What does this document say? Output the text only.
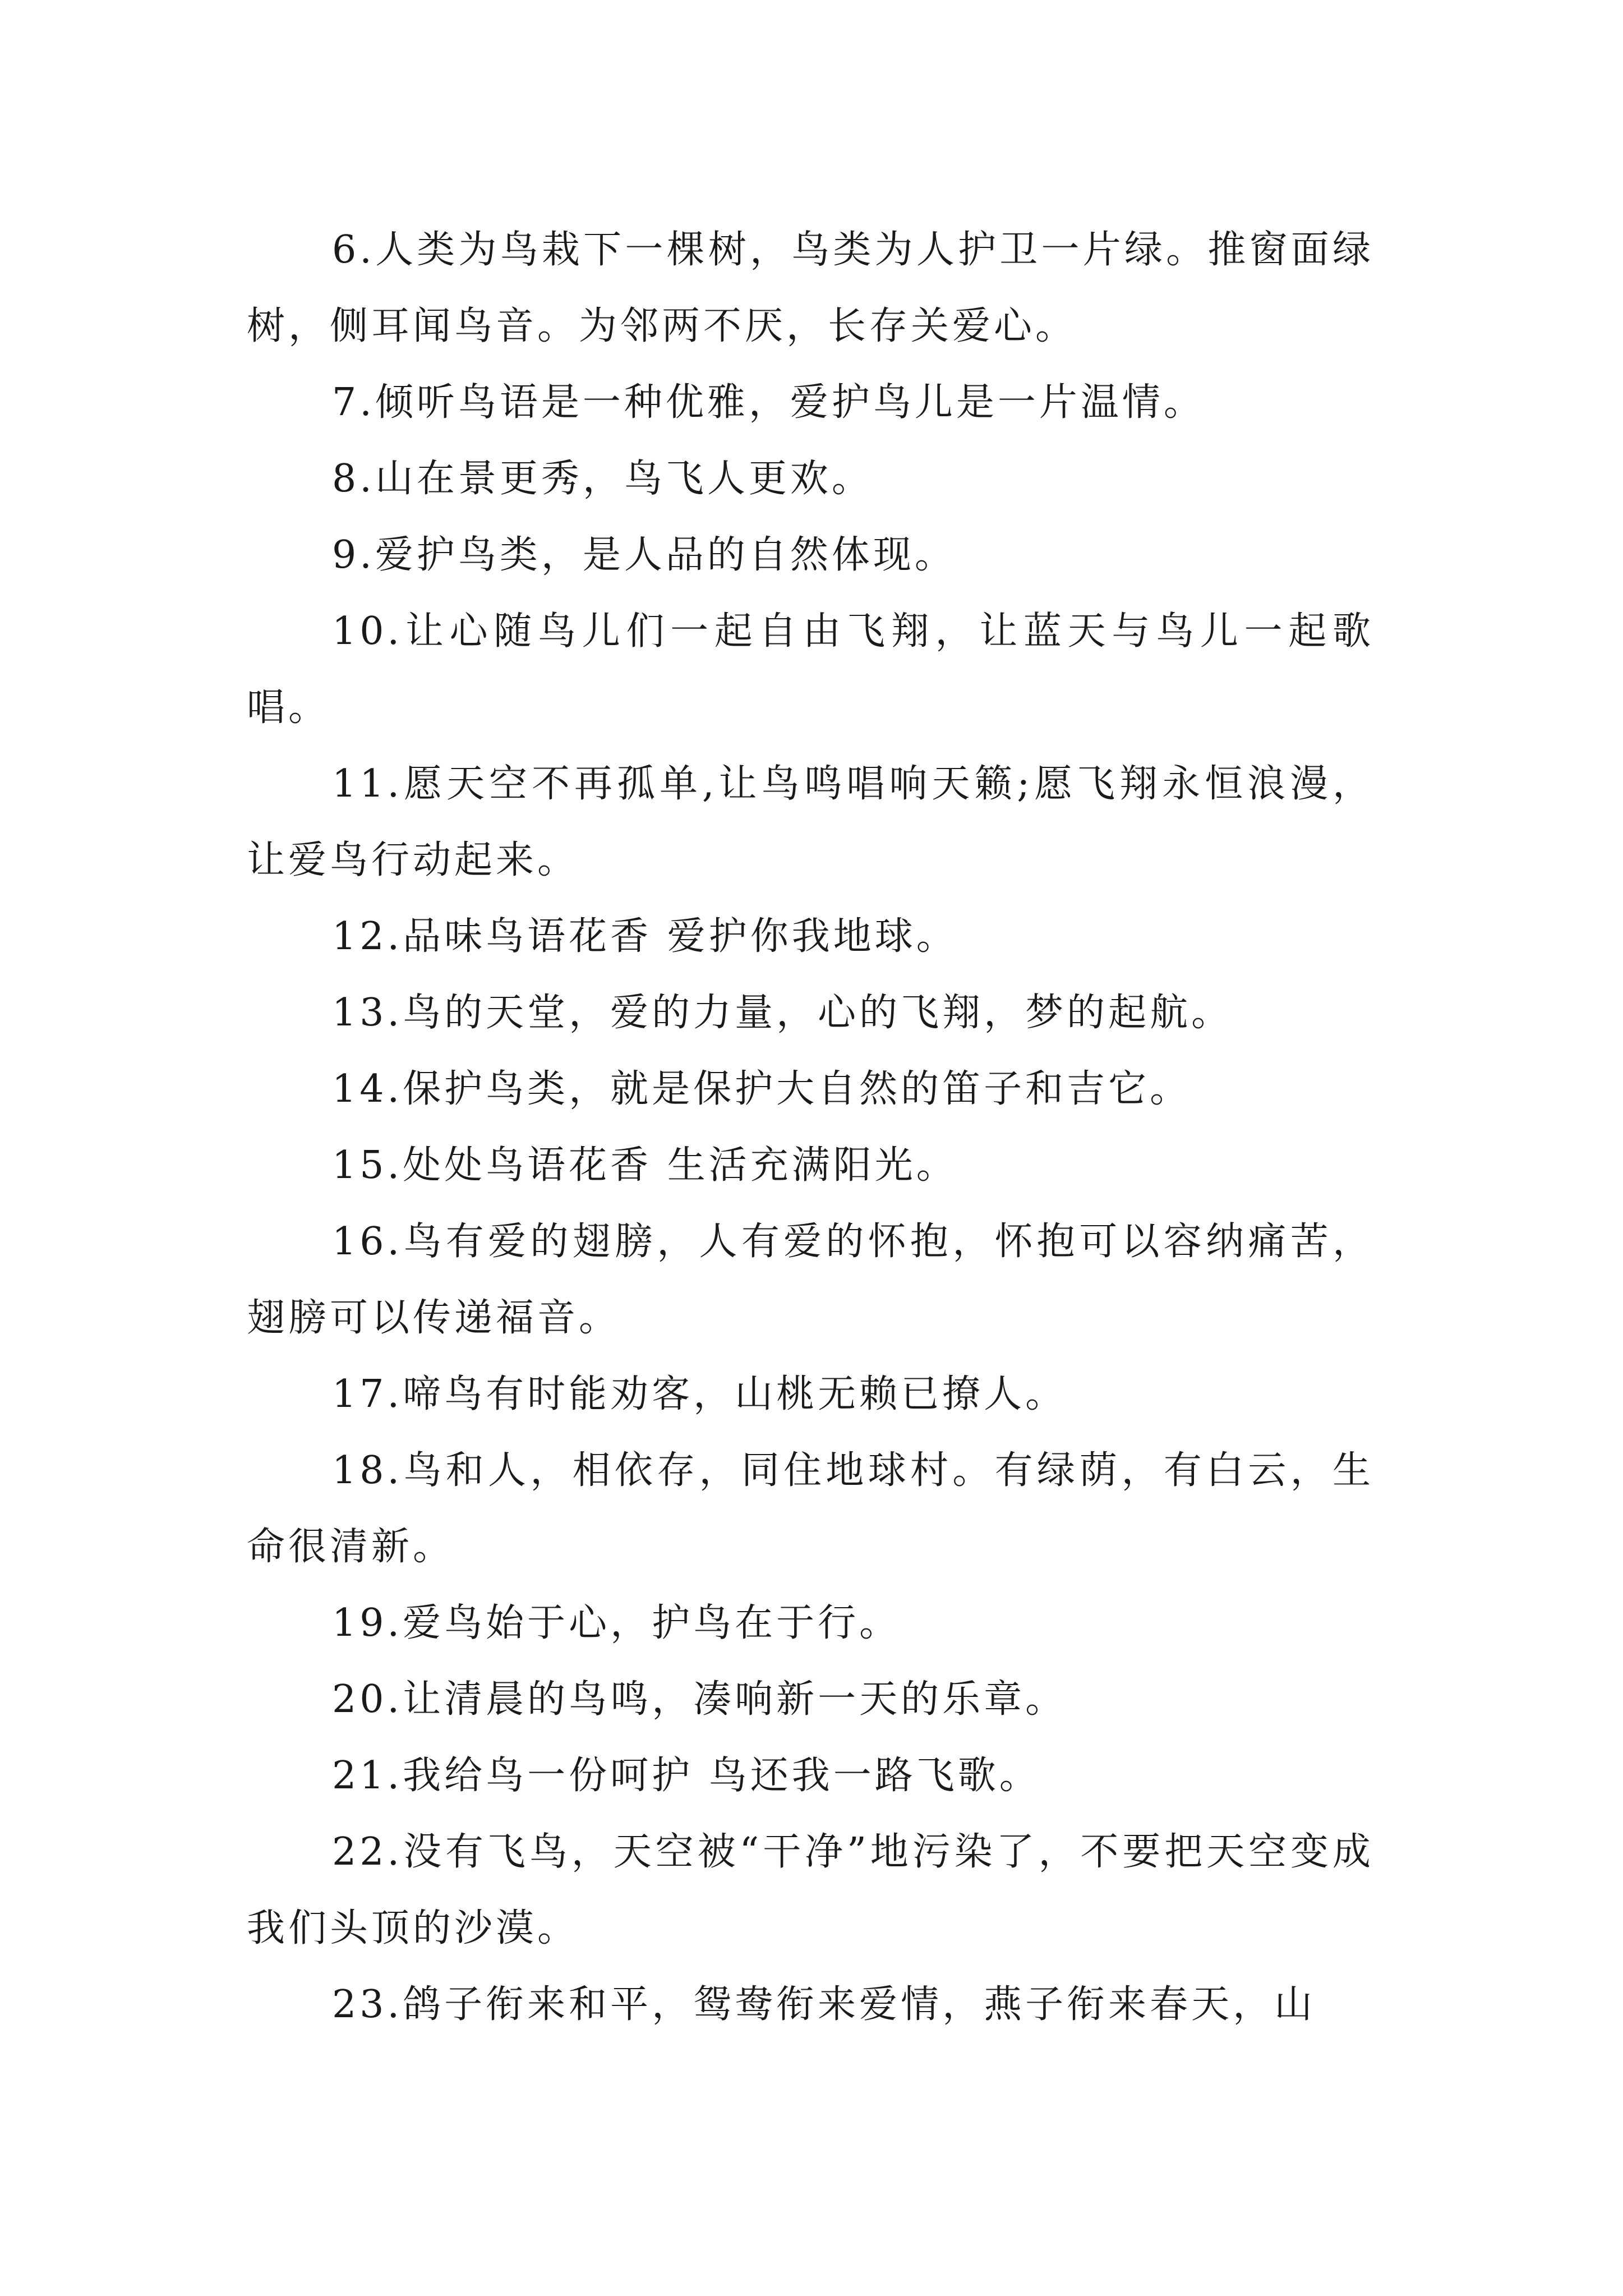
6.人类为鸟栽下一棵树，鸟类为人护卫一片绿。推窗面绿树，侧耳闻鸟音。为邻两不厌，长存关爱心。

7.倾听鸟语是一种优雅，爱护鸟儿是一片温情。

8.山在景更秀，鸟飞人更欢。

9.爱护鸟类，是人品的自然体现。

10.让心随鸟儿们一起自由飞翔，让蓝天与鸟儿一起歌唱。

11.愿天空不再孤单,让鸟鸣唱响天籁;愿飞翔永恒浪漫，让爱鸟行动起来。

12.品味鸟语花香 爱护你我地球。

13.鸟的天堂，爱的力量，心的飞翔，梦的起航。

14.保护鸟类，就是保护大自然的笛子和吉它。

15.处处鸟语花香 生活充满阳光。

16.鸟有爱的翅膀，人有爱的怀抱，怀抱可以容纳痛苦，翅膀可以传递福音。

17.啼鸟有时能劝客，山桃无赖已撩人。

18.鸟和人，相依存，同住地球村。有绿荫，有白云，生命很清新。

19.爱鸟始于心，护鸟在于行。

20.让清晨的鸟鸣，凑响新一天的乐章。

21.我给鸟一份呵护 鸟还我一路飞歌。

22.没有飞鸟，天空被“干净”地污染了，不要把天空变成我们头顶的沙漠。

23.鸽子衔来和平，鸳鸯衔来爱情，燕子衔来春天，山
